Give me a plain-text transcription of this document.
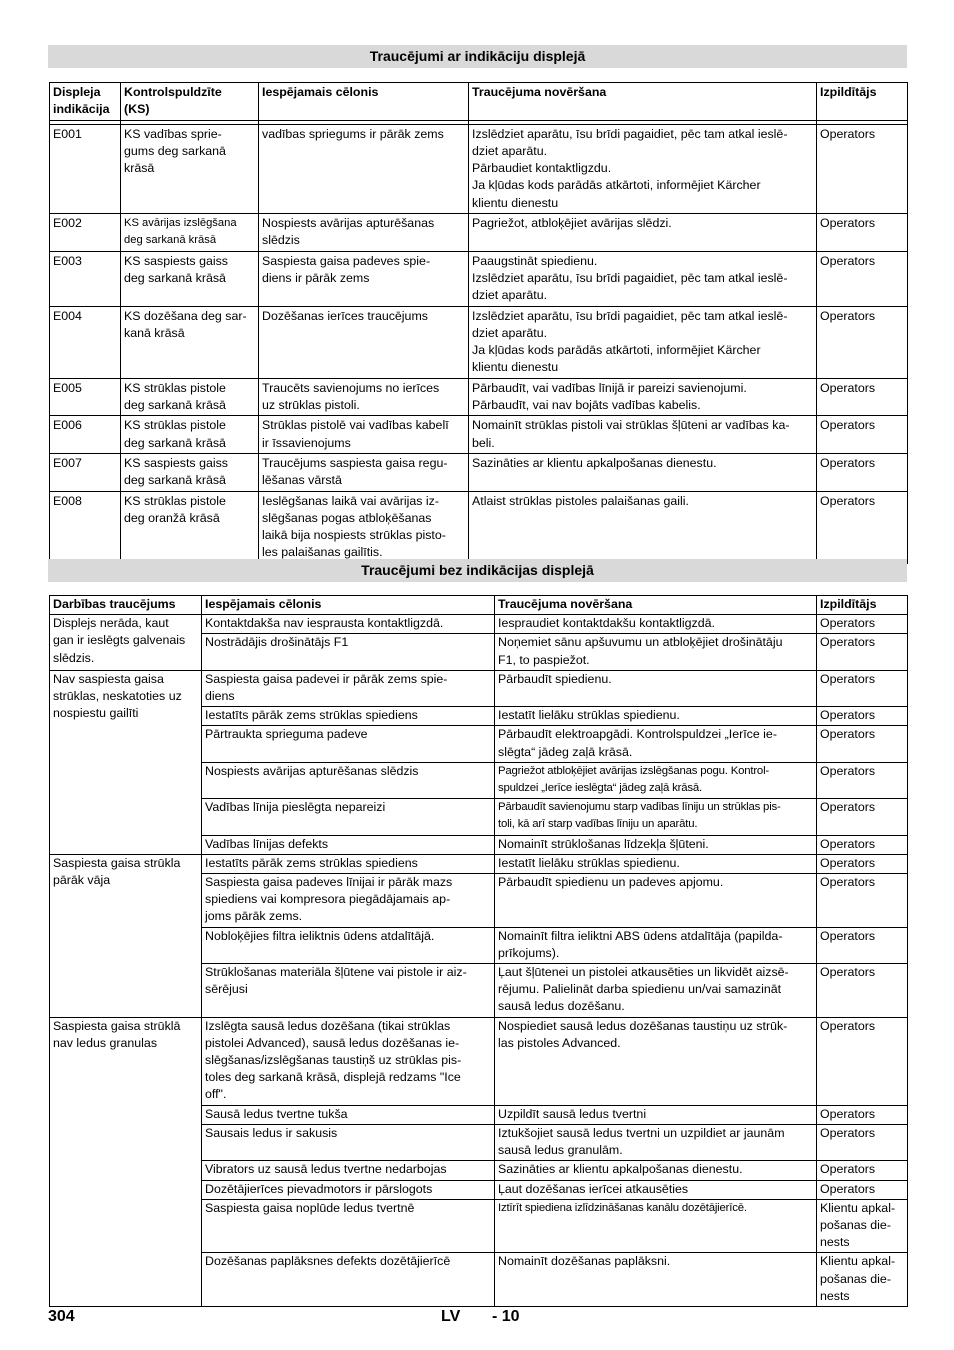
Traucējumi ar indikāciju displejā
Displeja
indikācija	Kontrolspuldzīte
(KS)	Iespējamais cēlonis	Traucējuma novēršana	Izpildītājs

E001	KS vadības sprie-
gums deg sarkanā
krāsā	vadības spriegums ir pārāk zems	Izslēdziet aparātu, īsu brīdi pagaidiet, pēc tam atkal ieslē-
dziet aparātu.
Pārbaudiet kontaktligzdu.
Ja kļūdas kods parādās atkārtoti, informējiet Kärcher
klientu dienestu	Operators
E002	KS avārijas izslēgšana
deg sarkanā krāsā	Nospiests avārijas apturēšanas
slēdzis	Pagriežot, atbloķējiet avārijas slēdzi.	Operators
E003	KS saspiests gaiss
deg sarkanā krāsā	Saspiesta gaisa padeves spie-
diens ir pārāk zems	Paaugstināt spiedienu.
Izslēdziet aparātu, īsu brīdi pagaidiet, pēc tam atkal ieslē-
dziet aparātu.	Operators
E004	KS dozēšana deg sar-
kanā krāsā	Dozēšanas ierīces traucējums	Izslēdziet aparātu, īsu brīdi pagaidiet, pēc tam atkal ieslē-
dziet aparātu.
Ja kļūdas kods parādās atkārtoti, informējiet Kärcher
klientu dienestu	Operators
E005	KS strūklas pistole
deg sarkanā krāsā	Traucēts savienojums no ierīces
uz strūklas pistoli.	Pārbaudīt, vai vadības līnijā ir pareizi savienojumi.
Pārbaudīt, vai nav bojāts vadības kabelis.	Operators
E006	KS strūklas pistole
deg sarkanā krāsā	Strūklas pistolē vai vadības kabelī
ir īssavienojums	Nomainīt strūklas pistoli vai strūklas šļūteni ar vadības ka-
beli.	Operators
E007	KS saspiests gaiss
deg sarkanā krāsā	Traucējums saspiesta gaisa regu-
lēšanas vārstā	Sazināties ar klientu apkalpošanas dienestu.	Operators
E008	KS strūklas pistole
deg oranžā krāsā	Ieslēgšanas laikā vai avārijas iz-
slēgšanas pogas atbloķēšanas
laikā bija nospiests strūklas pisto-
les palaišanas gailītis.	Atlaist strūklas pistoles palaišanas gaili.	Operators
Traucējumi bez indikācijas displejā
Darbības traucējums	Iespējamais cēlonis	Traucējuma novēršana	Izpildītājs
Displejs nerāda, kaut
gan ir ieslēgts galvenais
slēdzis.	Kontaktdakša nav iesprausta kontaktligzdā.	Iespraudiet kontaktdakšu kontaktligzdā.	Operators
	Nostrādājis drošinātājs F1	Noņemiet sānu apšuvumu un atbloķējiet drošinātāju
F1, to paspiežot.	Operators
Nav saspiesta gaisa
strūklas, neskatoties uz
nospiestu gailīti	Saspiesta gaisa padevei ir pārāk zems spie-
diens	Pārbaudīt spiedienu.	Operators
	Iestatīts pārāk zems strūklas spiediens	Iestatīt lielāku strūklas spiedienu.	Operators
	Pārtraukta sprieguma padeve	Pārbaudīt elektroapgādi. Kontrolspuldzei „Ierīce ie-
slēgta“ jādeg zaļā krāsā.	Operators
	Nospiests avārijas apturēšanas slēdzis	Pagriežot atbloķējiet avārijas izslēgšanas pogu. Kontrol-
spuldzei „Ierīce ieslēgta“ jādeg zaļā krāsā.	Operators
	Vadības līnija pieslēgta nepareizi	Pārbaudīt savienojumu starp vadības līniju un strūklas pis-
toli, kā arī starp vadības līniju un aparātu.	Operators
	Vadības līnijas defekts	Nomainīt strūklošanas līdzekļa šļūteni.	Operators
Saspiesta gaisa strūkla
pārāk vāja	Iestatīts pārāk zems strūklas spiediens	Iestatīt lielāku strūklas spiedienu.	Operators
	Saspiesta gaisa padeves līnijai ir pārāk mazs
spiediens vai kompresora piegādājamais ap-
joms pārāk zems.	Pārbaudīt spiedienu un padeves apjomu.	Operators
	Nobloķējies filtra ieliktnis ūdens atdalītājā.	Nomainīt filtra ieliktni ABS ūdens atdalītāja (papilda-
prīkojums).	Operators
	Strūklošanas materiāla šļūtene vai pistole ir aiz-
sērējusi	Ļaut šļūtenei un pistolei atkausēties un likvidēt aizsē-
rējumu. Palielināt darba spiedienu un/vai samazināt
sausā ledus dozēšanu.	Operators
Saspiesta gaisa strūklā
nav ledus granulas	Izslēgta sausā ledus dozēšana (tikai strūklas
pistolei Advanced), sausā ledus dozēšanas ie-
slēgšanas/izslēgšanas taustiņš uz strūklas pis-
toles deg sarkanā krāsā, displejā redzams "Ice
off".	Nospiediet sausā ledus dozēšanas taustiņu uz strūk-
las pistoles Advanced.	Operators
	Sausā ledus tvertne tukša	Uzpildīt sausā ledus tvertni	Operators
	Sausais ledus ir sakusis	Iztukšojiet sausā ledus tvertni un uzpildiet ar jaunām
sausā ledus granulām.	Operators
	Vibrators uz sausā ledus tvertne nedarbojas	Sazināties ar klientu apkalpošanas dienestu.	Operators
	Dozētājierīces pievadmotors ir pārslogots	Ļaut dozēšanas ierīcei atkausēties	Operators
	Saspiesta gaisa noplūde ledus tvertnē	Iztīrīt spiediena izlīdzināšanas kanālu dozētājierīcē.	Klientu apkal-
pošanas die-
nests
	Dozēšanas paplāksnes defekts dozētājierīcē	Nomainīt dozēšanas paplāksni.	Klientu apkal-
pošanas die-
nests
304	LV - 10
